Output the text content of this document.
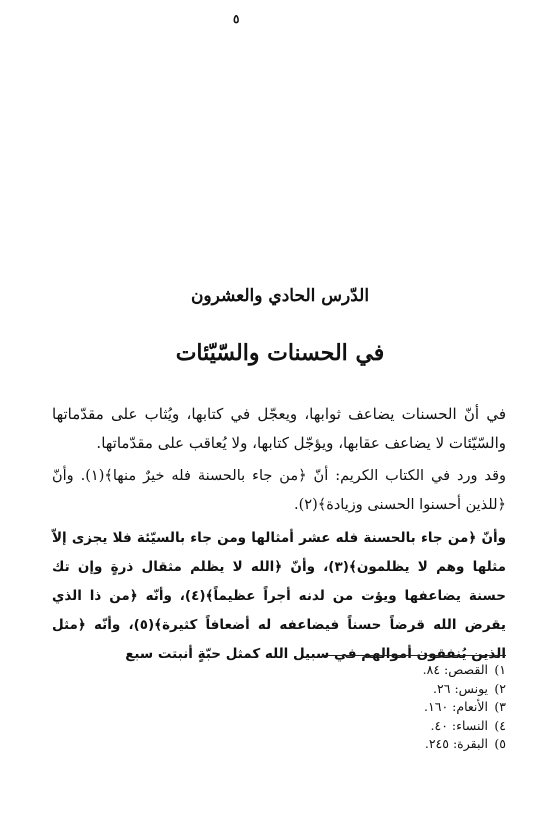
٥
الدّرس الحادي والعشرون
في الحسنات والسّيّئات

في أنّ الحسنات يضاعف ثوابها، ويعجّل في كتابها، ويُثاب على مقدّماتها والسّيّئات لا يضاعف عقابها، ويؤجّل كتابها، ولا يُعاقب على مقدّماتها.

وقد ورد في الكتاب الكريم: أنّ ﴿من جاء بالحسنة فله خيرٌ منها﴾(١). وأنّ ﴿للذين أحسنوا الحسنى وزيادة﴾(٢).

وأنّ ﴿من جاء بالحسنة فله عشر أمثالها ومن جاء بالسيّئة فلا يجزى إلاّ مثلها وهم لا يظلمون﴾(٣)، وأنّ ﴿الله لا يظلم مثقال ذرةٍ وإن تك حسنة يضاعفها ويؤت من لدنه أجراً عظيماً﴾(٤)، وأنّه ﴿من ذا الذي يقرض الله قرضاً حسناً فيضاعفه له أضعافاً كثيرة﴾(٥)، وأنّه ﴿مثل الذين يُنفقون أموالهم في سبيل الله كمثل حبّةٍ أنبتت سبع

١) القصص: ٨٤.
٢) يونس: ٢٦.
٣) الأنعام: ١٦٠.
٤) النساء: ٤٠.
٥) البقرة: ٢٤٥.
